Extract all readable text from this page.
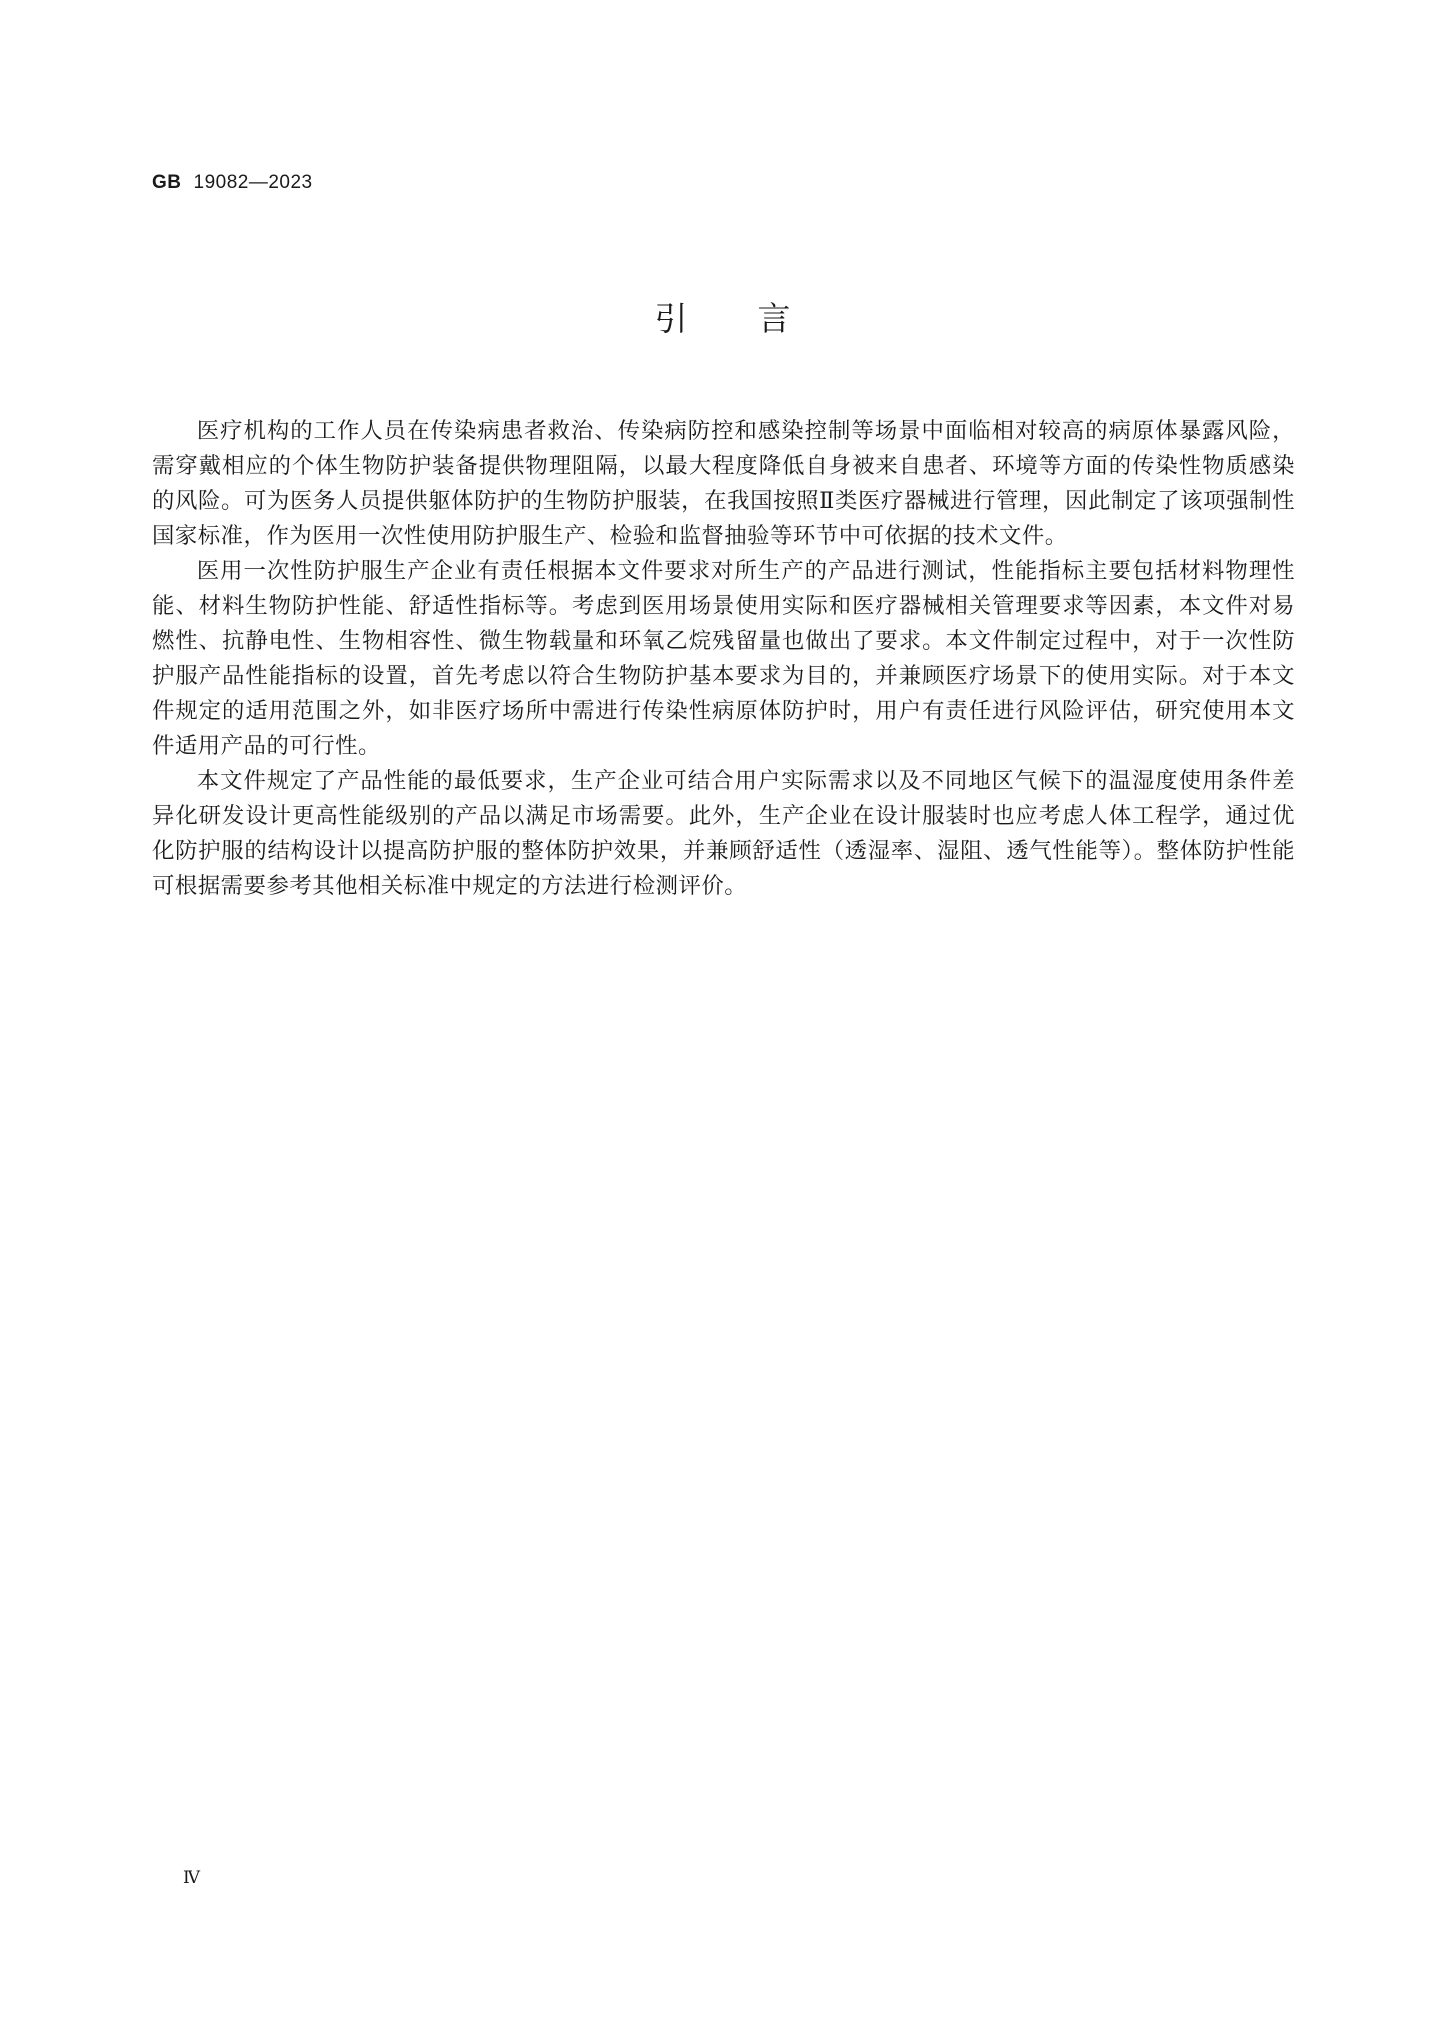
GB 19082—2023
引言

医疗机构的工作人员在传染病患者救治、传染病防控和感染控制等场景中面临相对较高的病原体暴露风险，需穿戴相应的个体生物防护装备提供物理阻隔，以最大程度降低自身被来自患者、环境等方面的传染性物质感染的风险。可为医务人员提供躯体防护的生物防护服装，在我国按照Ⅱ类医疗器械进行管理，因此制定了该项强制性国家标准，作为医用一次性使用防护服生产、检验和监督抽验等环节中可依据的技术文件。

医用一次性防护服生产企业有责任根据本文件要求对所生产的产品进行测试，性能指标主要包括材料物理性能、材料生物防护性能、舒适性指标等。考虑到医用场景使用实际和医疗器械相关管理要求等因素，本文件对易燃性、抗静电性、生物相容性、微生物载量和环氧乙烷残留量也做出了要求。本文件制定过程中，对于一次性防护服产品性能指标的设置，首先考虑以符合生物防护基本要求为目的，并兼顾医疗场景下的使用实际。对于本文件规定的适用范围之外，如非医疗场所中需进行传染性病原体防护时，用户有责任进行风险评估，研究使用本文件适用产品的可行性。

本文件规定了产品性能的最低要求，生产企业可结合用户实际需求以及不同地区气候下的温湿度使用条件差异化研发设计更高性能级别的产品以满足市场需要。此外，生产企业在设计服装时也应考虑人体工程学，通过优化防护服的结构设计以提高防护服的整体防护效果，并兼顾舒适性（透湿率、湿阻、透气性能等）。整体防护性能可根据需要参考其他相关标准中规定的方法进行检测评价。

Ⅳ
